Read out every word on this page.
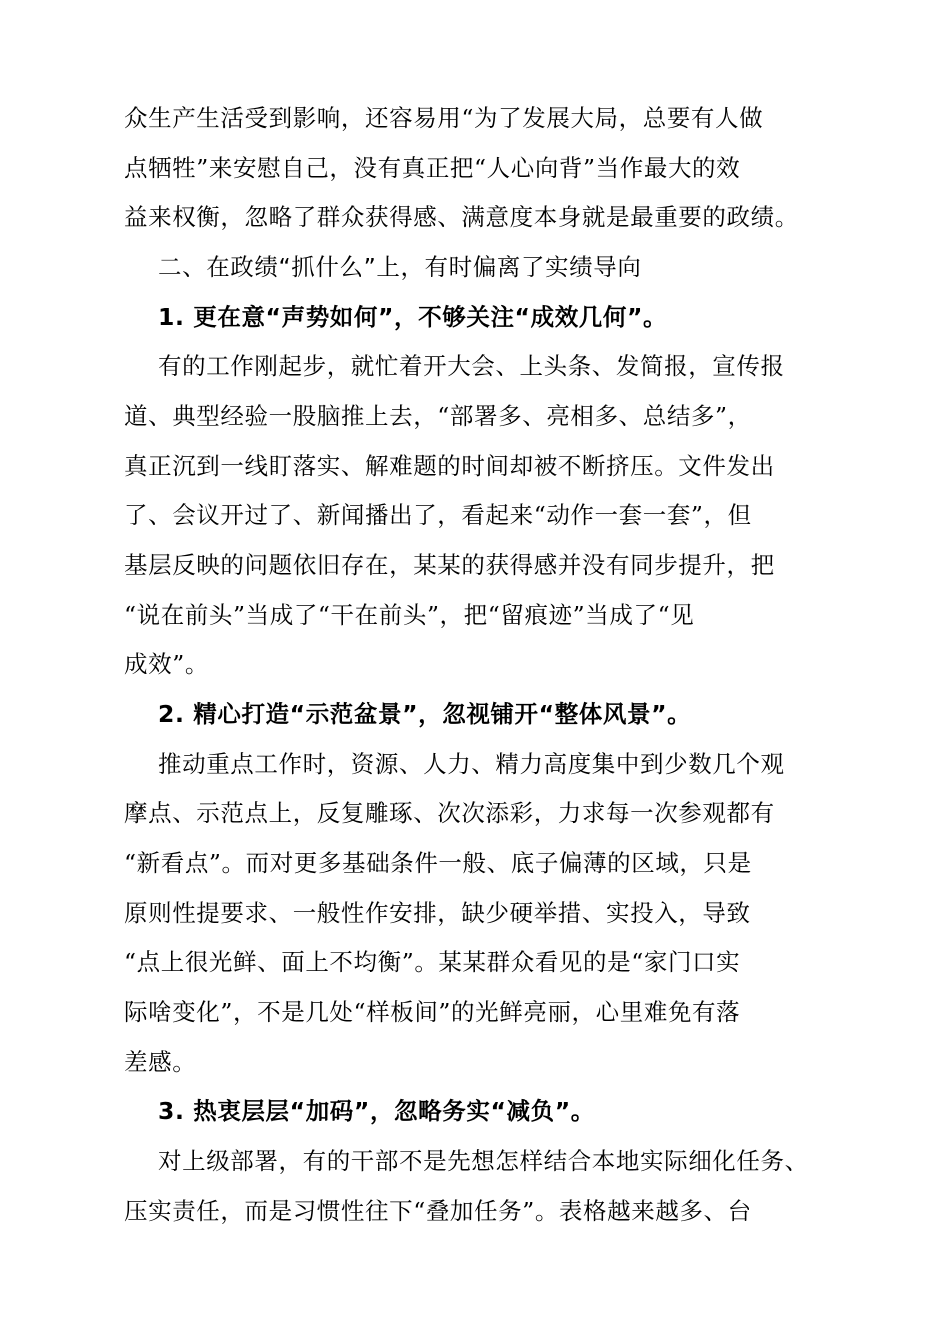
众生产生活受到影响，还容易用“为了发展大局，总要有人做
点牺牲”来安慰自己，没有真正把“人心向背”当作最大的效
益来权衡，忽略了群众获得感、满意度本身就是最重要的政绩。
二、在政绩“抓什么”上，有时偏离了实绩导向
1. 更在意“声势如何”，不够关注“成效几何”。
有的工作刚起步，就忙着开大会、上头条、发简报，宣传报
道、典型经验一股脑推上去，“部署多、亮相多、总结多”，
真正沉到一线盯落实、解难题的时间却被不断挤压。文件发出
了、会议开过了、新闻播出了，看起来“动作一套一套”，但
基层反映的问题依旧存在，某某的获得感并没有同步提升，把
“说在前头”当成了“干在前头”，把“留痕迹”当成了“见
成效”。
2. 精心打造“示范盆景”，忽视铺开“整体风景”。
推动重点工作时，资源、人力、精力高度集中到少数几个观
摩点、示范点上，反复雕琢、次次添彩，力求每一次参观都有
“新看点”。而对更多基础条件一般、底子偏薄的区域，只是
原则性提要求、一般性作安排，缺少硬举措、实投入，导致
“点上很光鲜、面上不均衡”。某某群众看见的是“家门口实
际啥变化”，不是几处“样板间”的光鲜亮丽，心里难免有落
差感。
3. 热衷层层“加码”，忽略务实“减负”。
对上级部署，有的干部不是先想怎样结合本地实际细化任务、
压实责任，而是习惯性往下“叠加任务”。表格越来越多、台
